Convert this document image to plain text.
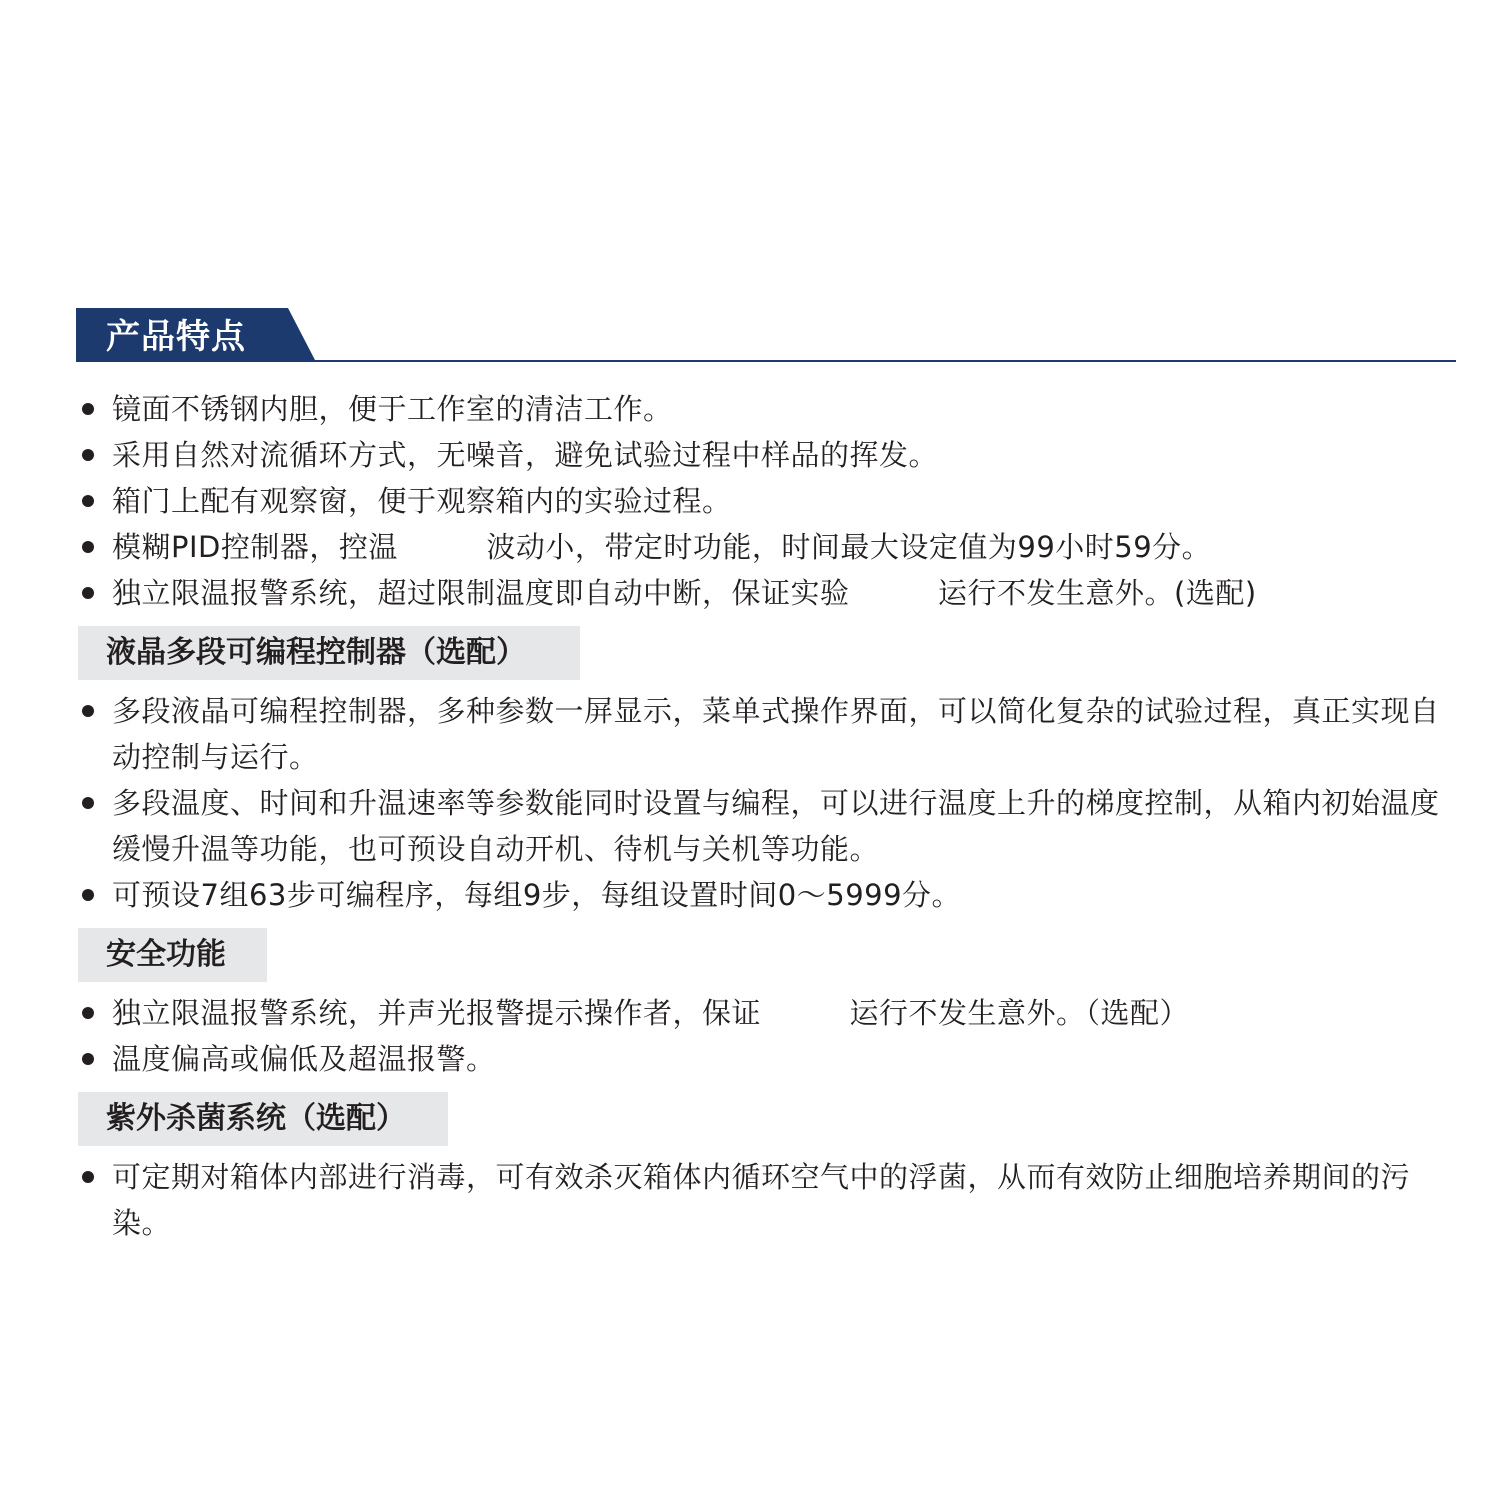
产品特点
镜面不锈钢内胆，便于工作室的清洁工作。
采用自然对流循环方式，无噪音，避免试验过程中样品的挥发。
箱门上配有观察窗，便于观察箱内的实验过程。
模糊PID控制器，控温　　　波动小，带定时功能，时间最大设定值为99小时59分。
独立限温报警系统，超过限制温度即自动中断，保证实验　　　运行不发生意外。(选配)
液晶多段可编程控制器（选配）
多段液晶可编程控制器，多种参数一屏显示，菜单式操作界面，可以简化复杂的试验过程，真正实现自动控制与运行。
多段温度、时间和升温速率等参数能同时设置与编程，可以进行温度上升的梯度控制，从箱内初始温度缓慢升温等功能，也可预设自动开机、待机与关机等功能。
可预设7组63步可编程序，每组9步，每组设置时间0～5999分。
安全功能
独立限温报警系统，并声光报警提示操作者，保证　　　运行不发生意外。（选配）
温度偏高或偏低及超温报警。
紫外杀菌系统（选配）
可定期对箱体内部进行消毒，可有效杀灭箱体内循环空气中的浮菌，从而有效防止细胞培养期间的污染。
